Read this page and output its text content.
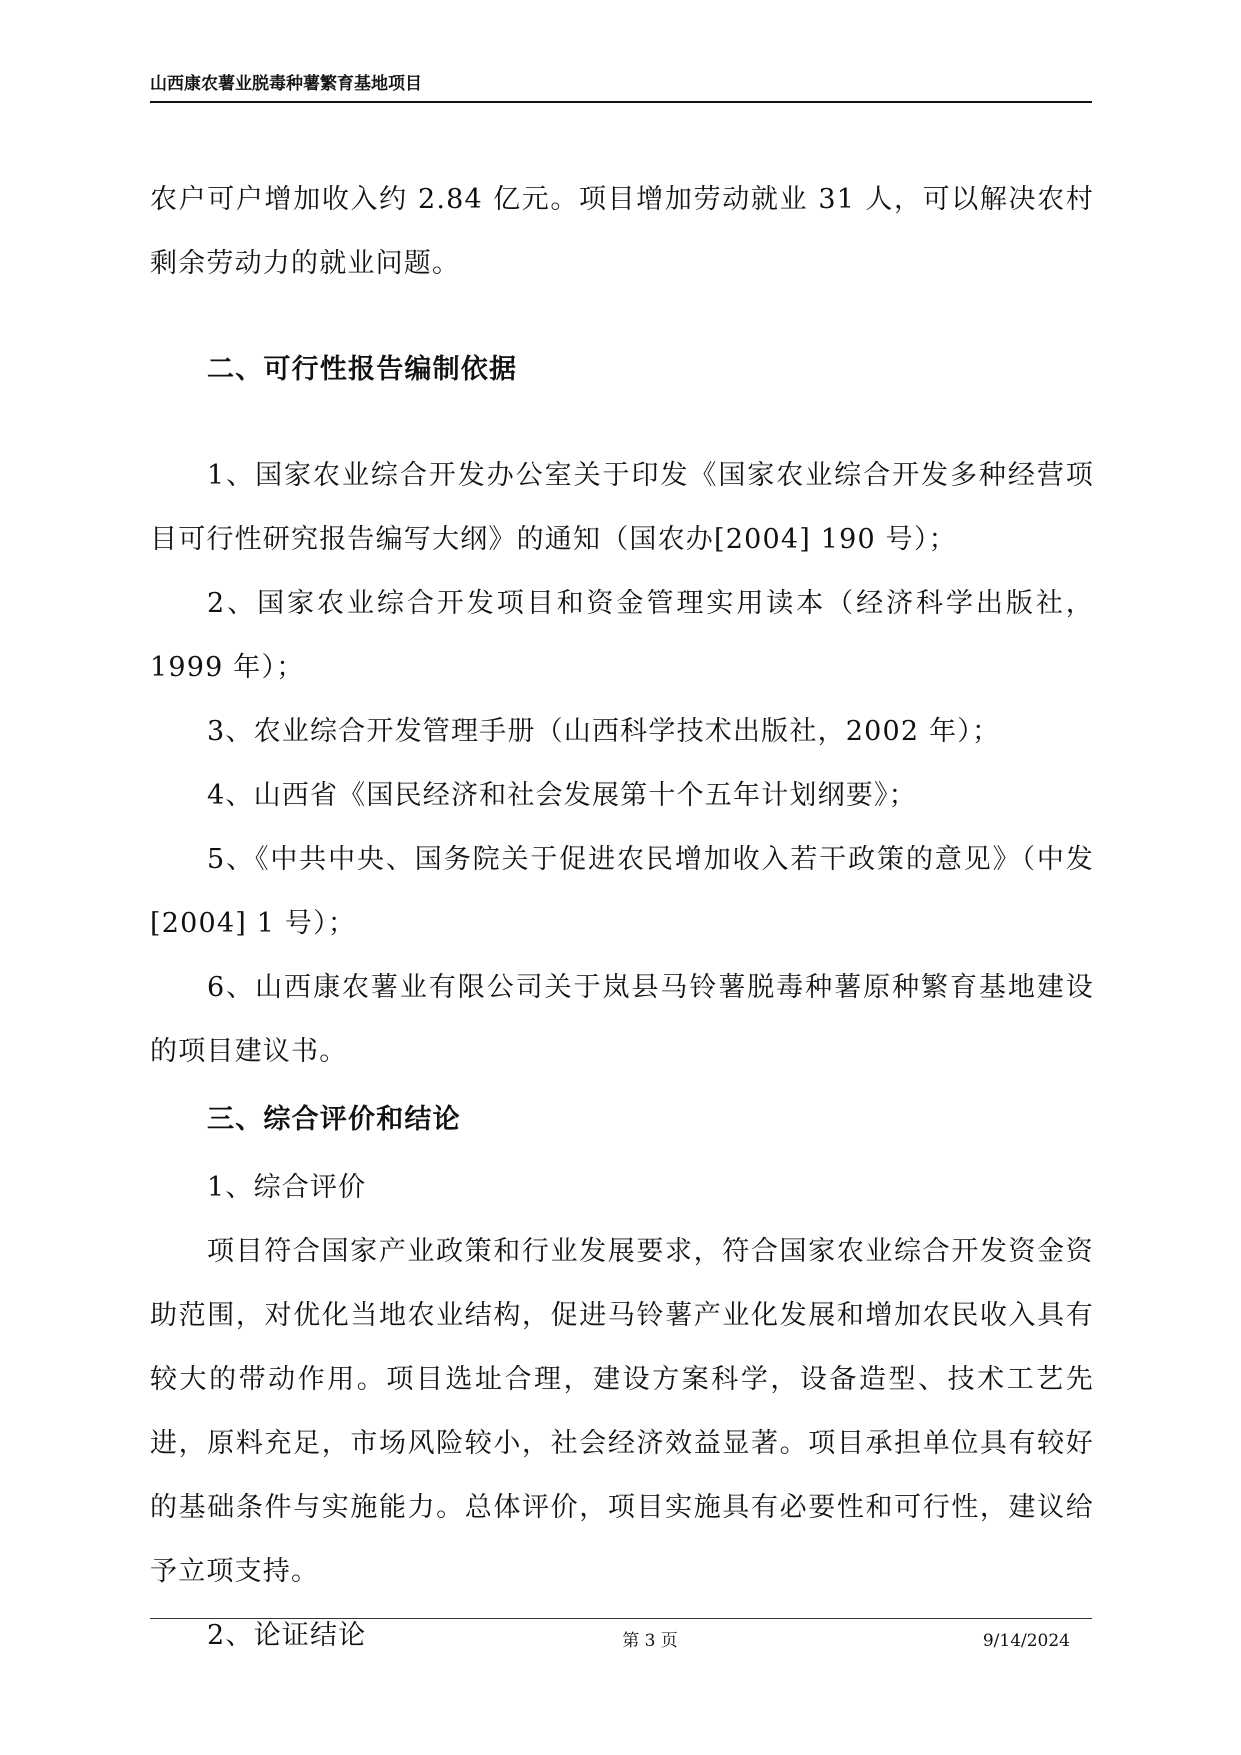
山西康农薯业脱毒种薯繁育基地项目

农户可户增加收入约 2.84 亿元。项目增加劳动就业 31 人，可以解决农村剩余劳动力的就业问题。

二、可行性报告编制依据

1、国家农业综合开发办公室关于印发《国家农业综合开发多种经营项目可行性研究报告编写大纲》的通知（国农办[2004] 190 号）；

2、国家农业综合开发项目和资金管理实用读本（经济科学出版社，1999 年）；

3、农业综合开发管理手册（山西科学技术出版社，2002 年）；

4、山西省《国民经济和社会发展第十个五年计划纲要》；

5、《中共中央、国务院关于促进农民增加收入若干政策的意见》（中发[2004] 1 号）；

6、山西康农薯业有限公司关于岚县马铃薯脱毒种薯原种繁育基地建设的项目建议书。

三、综合评价和结论

1、综合评价

项目符合国家产业政策和行业发展要求，符合国家农业综合开发资金资助范围，对优化当地农业结构，促进马铃薯产业化发展和增加农民收入具有较大的带动作用。项目选址合理，建设方案科学，设备造型、技术工艺先进，原料充足，市场风险较小，社会经济效益显著。项目承担单位具有较好的基础条件与实施能力。总体评价，项目实施具有必要性和可行性，建议给予立项支持。

2、论证结论	第 3 页	9/14/2024
